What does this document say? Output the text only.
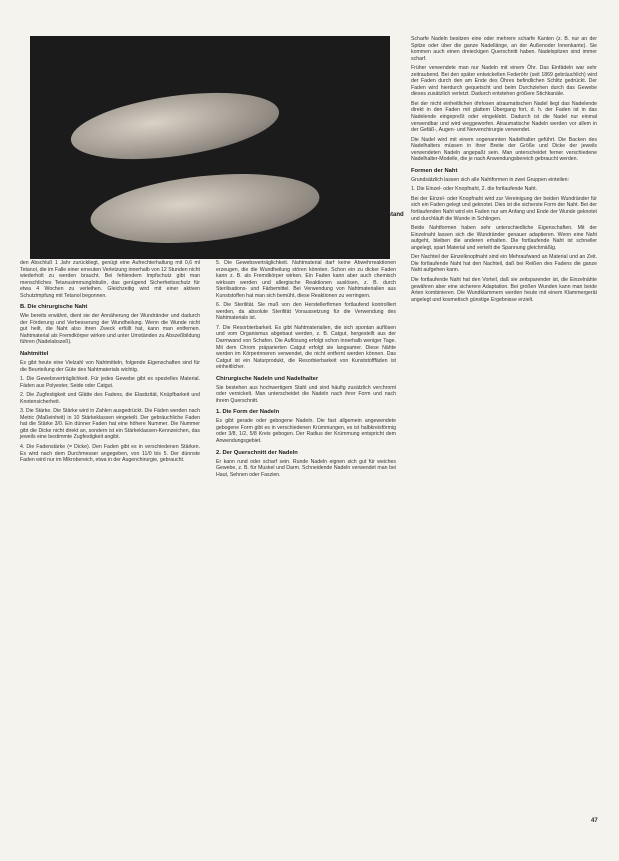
Abb. 5c Zustand nach der Heilung.

den Abschluß 1 Jahr zurückliegt, genügt eine Aufrechterhaltung mit 0,6 ml Tetanol, die im Falle einer erneuten Verletzung innerhalb von 12 Stunden nicht wiederholt zu werden braucht. Bei fehlendem Impfschutz gibt man menschliches Tetanusimmunglobulin, das genügend Sicherheitsschutz für etwa 4 Wochen zu verleihen. Gleichzeitig wird mit einer aktiven Schutzimpfung mit Tetanol begonnen.

B. Die chirurgische Naht

Wie bereits erwähnt, dient sie der Annäherung der Wundränder und dadurch der Förderung und Verbesserung der Wundheilung. Wenn die Wunde nicht gut heilt, die Naht also ihren Zweck erfüllt hat, kann man entfernen. Nahtmaterial als Fremdkörper wirken und unter Umständen zu Abszeßbildung führen (Nadelabszeß).

Nahtmittel

Es gibt heute eine Vielzahl von Nahtmitteln, folgende Eigenschaften sind für die Beurteilung der Güte des Nahtmaterials wichtig.

1. Die Gewebsverträglichkeit. Für jedes Gewebe gibt es spezielles Material. Fäden aus Polyester, Seide oder Catgut.

2. Die Zugfestigkeit und Glätte des Fadens, die Elastizität, Knüpfbarkeit und Knotensicherheit.

3. Die Stärke. Die Stärke wird in Zahlen ausgedrückt. Die Fäden werden nach Metric (Maßeinheit) in 10 Stärkeklassen eingeteilt. Der gebräuchliche Faden hat die Stärke 3/0. Ein dünner Faden hat eine höhere Nummer. Die Nummer gibt die Dicke nicht direkt an, sondern ist ein Stärkeklassen-Kennzeichen, das jeweils eine bestimmte Zugfestigkeit angibt.

4. Die Fadenstärke (= Dicke). Den Faden gibt es in verschiedenen Stärken. Es wird nach dem Durchmesser angegeben, von 11/0 bis 5. Der dünnste Faden wird nur im Mikrobereich, etwa in der Augenchirurgie, gebraucht.

5. Die Gewebsverträglichkeit. Nahtmaterial darf keine Abwehrreaktionen erzeugen, die die Wundheilung stören könnten. Schon ein zu dicker Faden kann z. B. als Fremdkörper wirken. Ein Faden kann aber auch chemisch wirksam werden und allergische Reaktionen auslösen, z. B. durch Sterilisations- und Färbemittel. Bei Verwendung von Nahtmaterialien aus Kunststoffen hat man sich bemüht, diese Reaktionen zu verringern.

6. Die Sterilität. Sie muß von den Herstellerfirmen fortlaufend kontrolliert werden, da absolute Sterilität Voraussetzung für die Verwendung des Nahtmaterials ist.

7. Die Resorbierbarkeit. Es gibt Nahtmaterialien, die sich spontan auflösen und vom Organismus abgebaut werden, z. B. Catgut, hergestellt aus der Darmwand von Schafen. Die Auflösung erfolgt schon innerhalb weniger Tage. Mit dem Chrom präparierten Catgut erfolgt sie langsamer. Diese Nähte werden im Körperinneren verwendet, die nicht entfernt werden können. Das Catgut ist ein Naturprodukt, die Resorbierbarkeit von Kunststofffäden ist einheitlicher.

Chirurgische Nadeln und Nadelhalter

Sie bestehen aus hochwertigem Stahl und sind häufig zusätzlich verchromt oder vernickelt. Man unterscheidet die Nadeln nach ihrer Form und nach ihrem Querschnitt.

1. Die Form der Nadeln

Es gibt gerade oder gebogene Nadeln. Die fast allgemein angewendete gebogene Form gibt es in verschiedenen Krümmungen, es ist halbkreisförmig oder 3/8, 1/2, 5/8 Kreis gebogen. Der Radius der Krümmung entspricht dem Anwendungsgebiet.

2. Der Querschnitt der Nadeln

Er kann rund oder scharf sein. Runde Nadeln eignen sich gut für weiches Gewebe, z. B. für Muskel und Darm. Schneidende Nadeln verwendet man bei Haut, Sehnen oder Faszien.

Scharfe Nadeln besitzen eine oder mehrere scharfe Kanten (z. B. nur an der Spitze oder über die ganze Nadellänge, an der Außenoder Innenkante). Sie kommen auch einen dreieckigen Querschnitt haben. Nadelspitzen sind immer scharf.

Früher verwendete man nur Nadeln mit einem Öhr. Das Einfädeln war sehr zeitraubend. Bei den später entwickelten Federöhr (seit 1869 gebräuchlich) wird der Faden durch den am Ende des Öhres befindlichen Schlitz gedrückt. Der Faden wird hierdurch gequetscht und beim Durchziehen durch das Gewebe dieses zusätzlich verletzt. Dadurch entstehen größere Stichkanäle.

Bei der nicht einheitlichen öhrlosen atraumatischen Nadel liegt das Nadelende direkt in den Faden mit glattem Übergang fort, d. h. der Faden ist in das Nadelende eingepreßt oder eingeklebt. Dadurch ist die Nadel nur einmal verwendbar und wird weggeworfen. Atraumatische Nadeln werden vor allem in der Gefäß-, Augen- und Nervenchirurgie verwendet.

Die Nadel wird mit einem sogenannten Nadelhalter geführt. Die Backen des Nadelhalters müssen in ihrer Breite der Größe und Dicke der jeweils verwendeten Nadeln angepaßt sein. Man unterscheidet ferner verschiedene Nadelhalter-Modelle, die je nach Anwendungsbereich gebraucht werden.

Formen der Naht

Grundsätzlich lassen sich alle Nahtformen in zwei Gruppen einteilen:

1. Die Einzel- oder Knopfnaht, 2. die fortlaufende Naht.

Bei der Einzel- oder Knopfnaht wird zur Vereinigung der beiden Wundränder für sich ein Faden gelegt und geknotet. Dies ist die sicherste Form der Naht. Bei der fortlaufenden Naht wird ein Faden nur am Anfang und Ende der Wunde geknotet und durchläuft die Wunde in Schlingen.

Beide Nahtformen haben sehr unterschiedliche Eigenschaften. Mit der Einzelnaht lassen sich die Wundränder genauer adaptieren. Wenn eine Naht aufgeht, bleiben die anderen erhalten. Die fortlaufende Naht ist schneller angelegt, spart Material und verteilt die Spannung gleichmäßig.

Der Nachteil der Einzelknopfnaht sind ein Mehraufwand an Material und an Zeit. Die fortlaufende Naht hat den Nachteil, daß bei Reißen des Fadens die ganze Naht aufgehen kann.

Die fortlaufende Naht hat den Vorteil, daß sie zeitsparender ist, die Einzelnähte gewähren aber eine sicherere Adaptation. Bei großen Wunden kann man beide Arten kombinieren. Die Wundklammern werden heute mit einem Klammergerät angelegt und kosmetisch günstige Ergebnisse erzielt.

47
